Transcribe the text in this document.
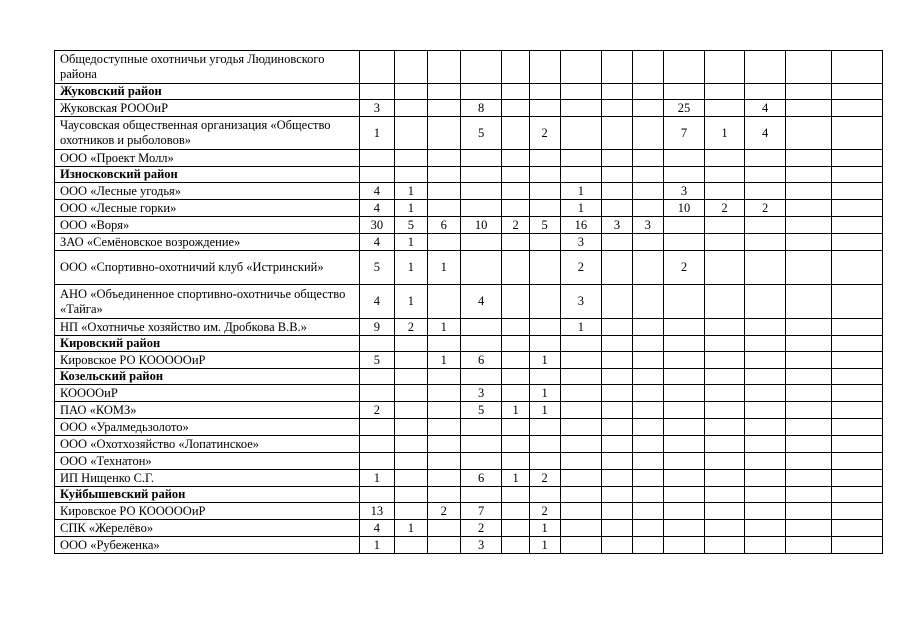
Общедоступные охотничьи угодья Людиновского района														
Жуковский район														
Жуковская РОООиР	3			8						25		4		
Чаусовская общественная организация «Общество охотников и рыболовов»	1			5		2				7	1	4		
ООО «Проект Молл»														
Износковский район														
ООО «Лесные угодья»	4	1					1			3				
ООО «Лесные горки»	4	1					1			10	2	2		
ООО «Воря»	30	5	6	10	2	5	16	3	3					
ЗАО «Семёновское возрождение»	4	1					3							
ООО «Спортивно-охотничий клуб «Истринский»	5	1	1				2			2				
АНО «Объединенное спортивно-охотничье общество «Тайга»	4	1		4			3							
НП «Охотничье хозяйство им. Дробкова В.В.»	9	2	1				1							
Кировский район														
Кировское РО КОООООиР	5		1	6		1								
Козельский район														
КООООиР				3		1								
ПАО «КОМЗ»	2			5	1	1								
ООО «Уралмедьзолото»														
ООО «Охотхозяйство «Лопатинское»														
ООО «Технатон»														
ИП Нищенко С.Г.	1			6	1	2								
Куйбышевский район														
Кировское РО КОООООиР	13		2	7		2								
СПК «Жерелёво»	4	1		2		1								
ООО «Рубеженка»	1			3		1								
